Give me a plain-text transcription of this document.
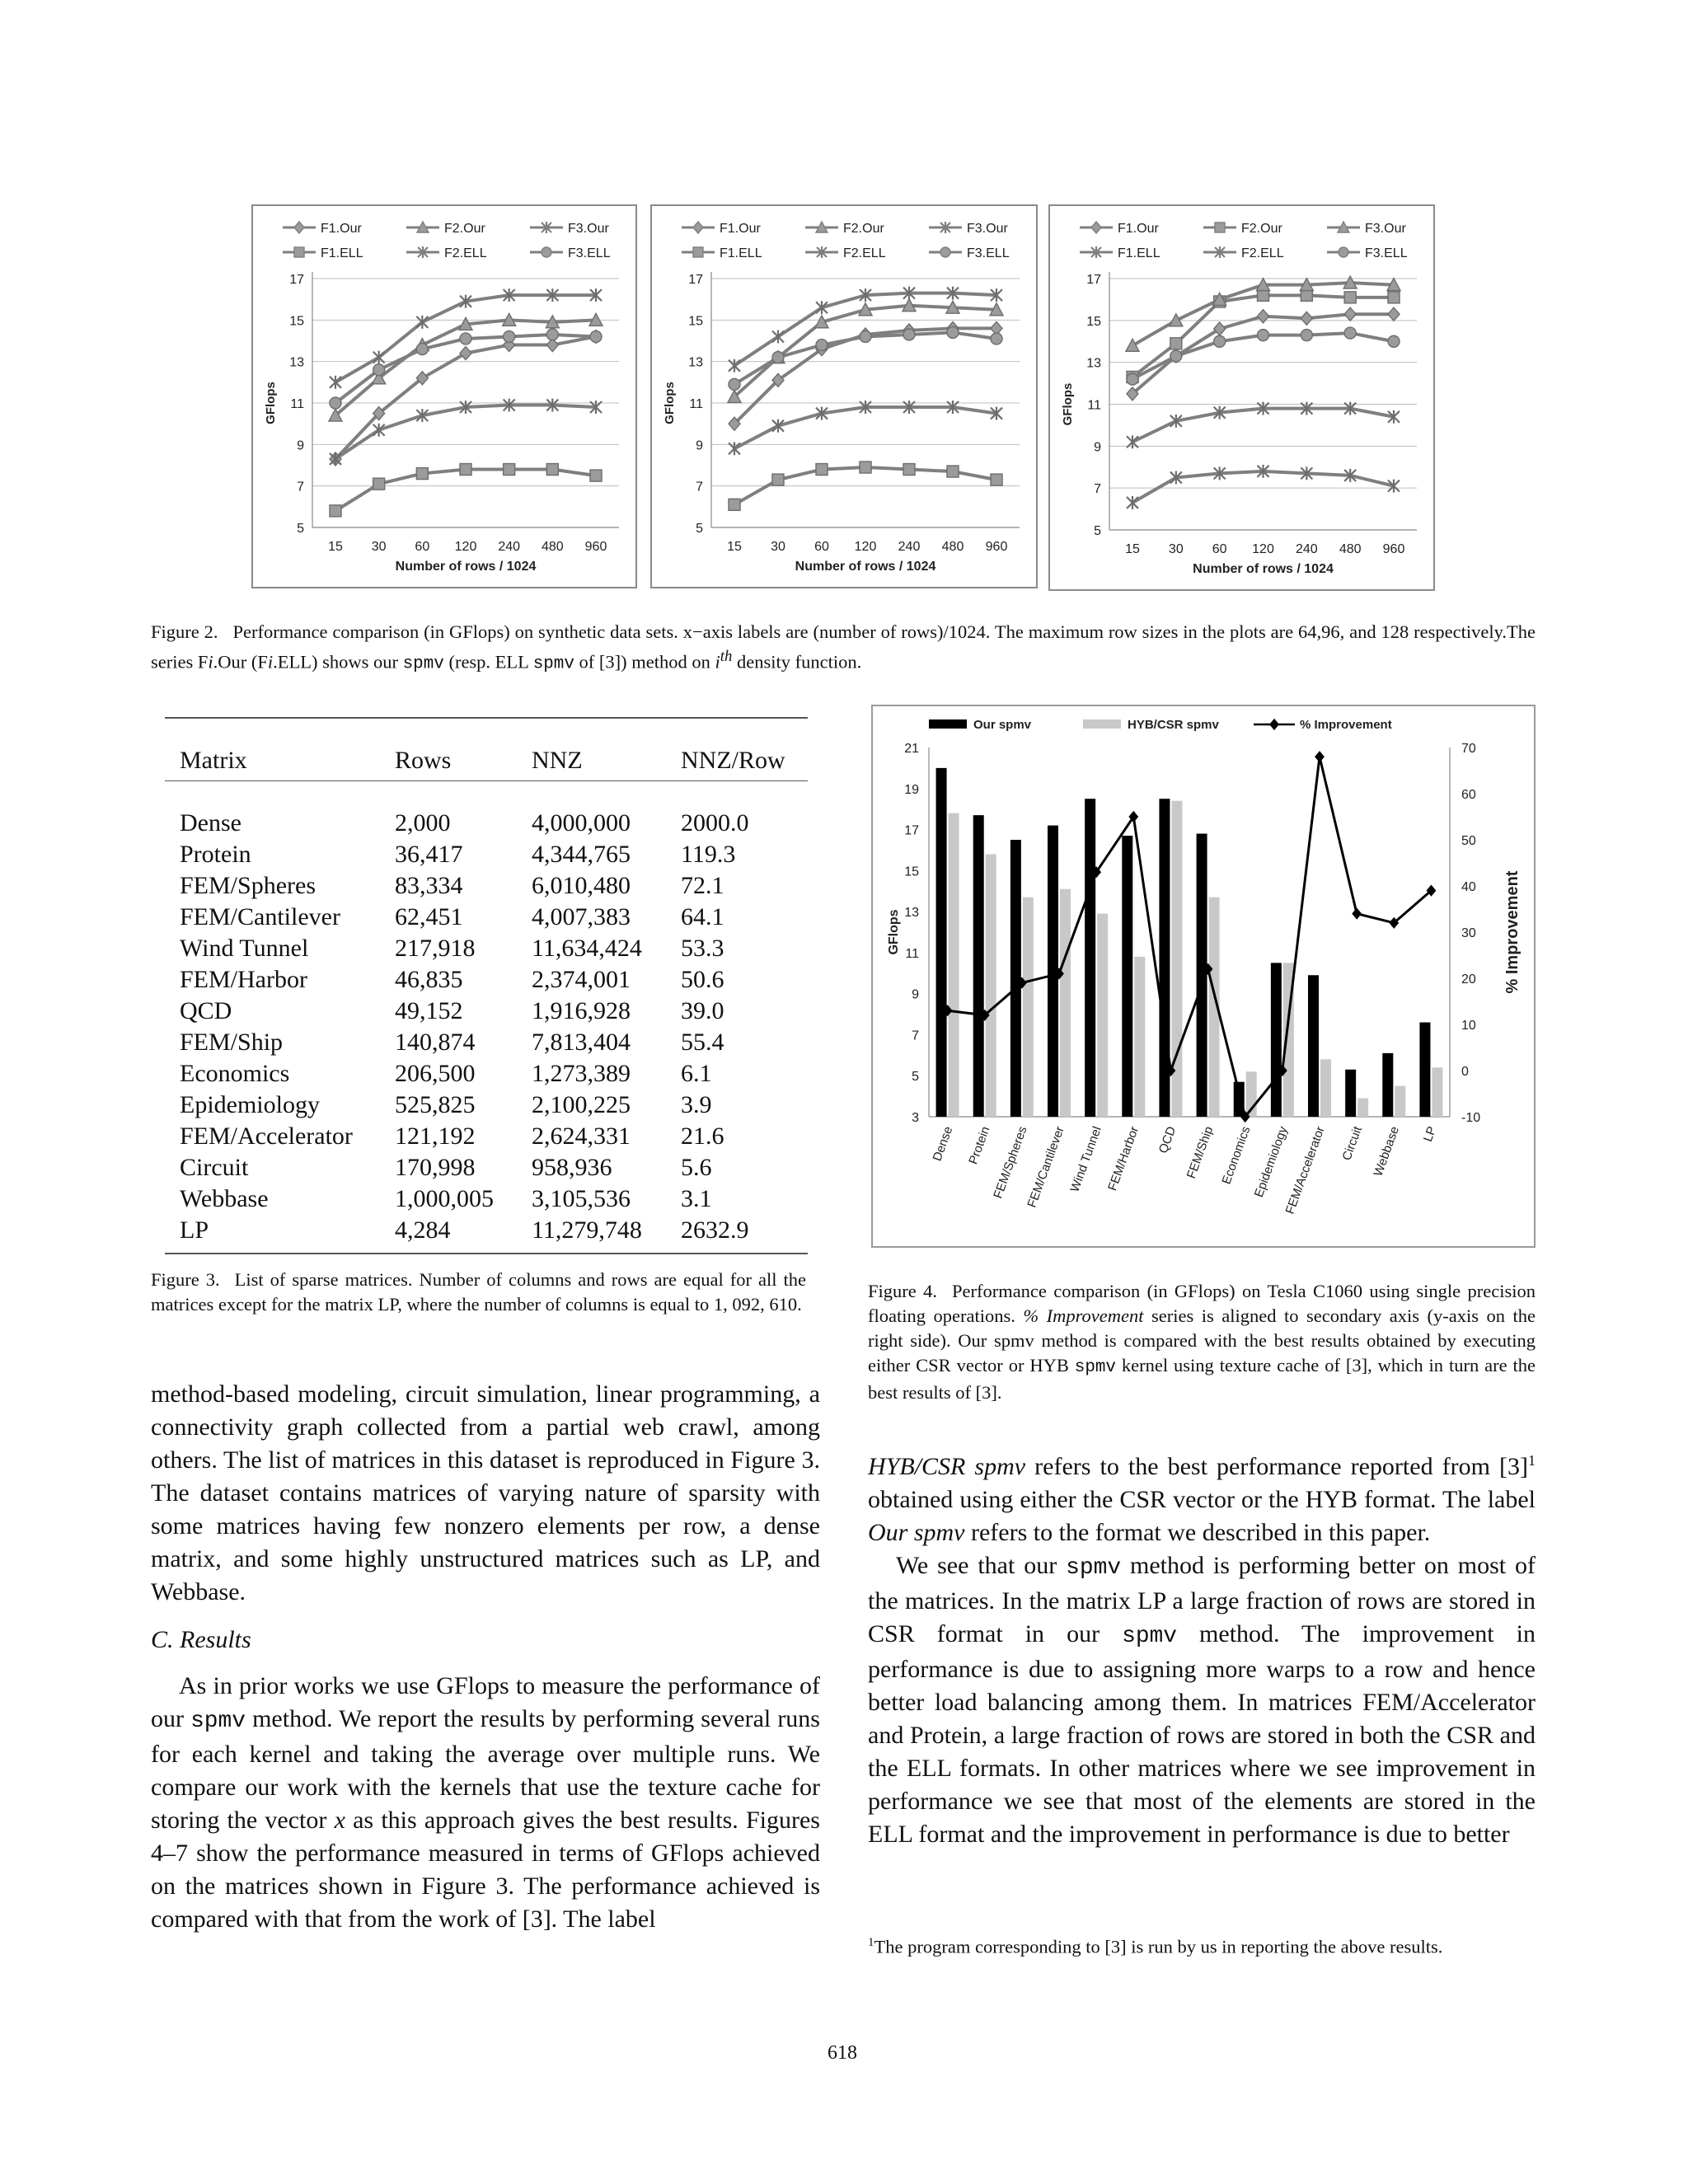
F1.Our	F2.Our	F3.Our
F1.ELL	F2.ELL	F3.ELL
17
15
13
11
9
7
5
15 30 60 120 240 480 960
Number of rows / 1024
GFlops
F1.Our	F2.Our	F3.Our
F1.ELL	F2.ELL	F3.ELL
17
15
13
11
9
7
5
15 30 60 120 240 480 960
Number of rows / 1024
GFlops
F1.Our	F2.Our	F3.Our
F1.ELL	F2.ELL	F3.ELL
17
15
13
11
9
7
5
15 30 60 120 240 480 960
Number of rows / 1024
GFlops
Figure 2. Performance comparison (in GFlops) on synthetic data sets. x−axis labels are (number of rows)/1024. The maximum row sizes in the plots are 64,96, and 128 respectively.The series Fi.Our (Fi.ELL) shows our spmv (resp. ELL spmv of [3]) method on $i^{th}$ density function.
Matrix	Rows	NNZ	NNZ/Row
Dense	2,000	4,000,000	2000.0
Protein	36,417	4,344,765	119.3
FEM/Spheres	83,334	6,010,480	72.1
FEM/Cantilever	62,451	4,007,383	64.1
Wind Tunnel	217,918	11,634,424	53.3
FEM/Harbor	46,835	2,374,001	50.6
QCD	49,152	1,916,928	39.0
FEM/Ship	140,874	7,813,404	55.4
Economics	206,500	1,273,389	6.1
Epidemiology	525,825	2,100,225	3.9
FEM/Accelerator	121,192	2,624,331	21.6
Circuit	170,998	958,936	5.6
Webbase	1,000,005	3,105,536	3.1
LP	4,284	11,279,748	2632.9
Figure 3. List of sparse matrices. Number of columns and rows are equal for all the matrices except for the matrix LP, where the number of columns is equal to 1, 092, 610.
Our spmv	HYB/CSR spmv	% Improvement
21
19
17
15
13
11
9
7
5
3
70
60
50
40
30
20
10
0
-10
GFlops	% Improvement
Dense Protein
FEM/Spheres
FEM/Cantilever Wind Tunnel FEM/Harbor QCD FEM/Ship Economics
Epidemiology
FEM/Accelerator Circuit Webbase LP
Figure 4. Performance comparison (in GFlops) on Tesla C1060 using single precision floating operations. % Improvement series is aligned to secondary axis (y-axis on the right side). Our spmv method is compared with the best results obtained by executing either CSR vector or HYB spmv kernel using texture cache of [3], which in turn are the best results of [3].

method-based modeling, circuit simulation, linear programming, a connectivity graph collected from a partial web crawl, among others. The list of matrices in this dataset is reproduced in Figure 3. The dataset contains matrices of varying nature of sparsity with some matrices having few nonzero elements per row, a dense matrix, and some highly unstructured matrices such as LP, and Webbase.

C. Results

As in prior works we use GFlops to measure the performance of our spmv method. We report the results by performing several runs for each kernel and taking the average over multiple runs. We compare our work with the kernels that use the texture cache for storing the vector x as this approach gives the best results. Figures 4–7 show the performance measured in terms of GFlops achieved on the matrices shown in Figure 3. The performance achieved is compared with that from the work of [3]. The label

HYB/CSR spmv refers to the best performance reported from $[3]^1$ obtained using either the CSR vector or the HYB format. The label Our spmv refers to the format we described in this paper.

We see that our spmv method is performing better on most of the matrices. In the matrix LP a large fraction of rows are stored in CSR format in our spmv method. The improvement in performance is due to assigning more warps to a row and hence better load balancing among them. In matrices FEM/Accelerator and Protein, a large fraction of rows are stored in both the CSR and the ELL formats. In other matrices where we see improvement in performance we see that most of the elements are stored in the ELL format and the improvement in performance is due to better

$^1$The program corresponding to [3] is run by us in reporting the above results.
618
